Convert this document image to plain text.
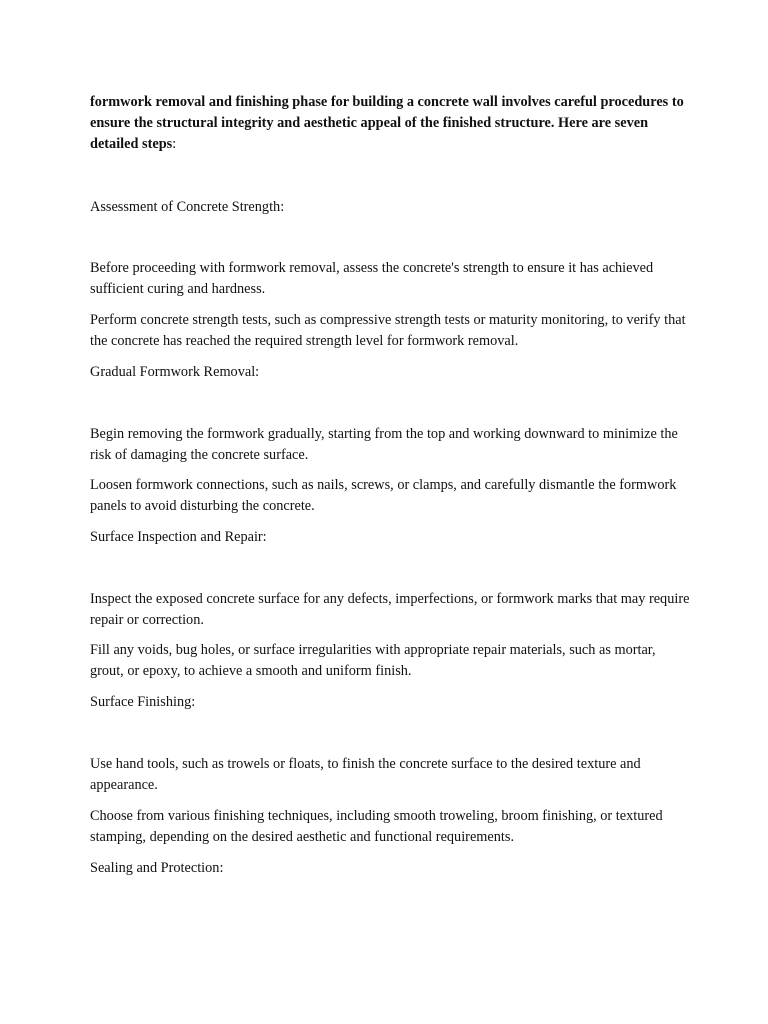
formwork removal and finishing phase for building a concrete wall involves careful procedures to ensure the structural integrity and aesthetic appeal of the finished structure. Here are seven detailed steps:

Assessment of Concrete Strength:

Before proceeding with formwork removal, assess the concrete's strength to ensure it has achieved sufficient curing and hardness.

Perform concrete strength tests, such as compressive strength tests or maturity monitoring, to verify that the concrete has reached the required strength level for formwork removal.

Gradual Formwork Removal:

Begin removing the formwork gradually, starting from the top and working downward to minimize the risk of damaging the concrete surface.

Loosen formwork connections, such as nails, screws, or clamps, and carefully dismantle the formwork panels to avoid disturbing the concrete.

Surface Inspection and Repair:

Inspect the exposed concrete surface for any defects, imperfections, or formwork marks that may require repair or correction.

Fill any voids, bug holes, or surface irregularities with appropriate repair materials, such as mortar, grout, or epoxy, to achieve a smooth and uniform finish.

Surface Finishing:

Use hand tools, such as trowels or floats, to finish the concrete surface to the desired texture and appearance.

Choose from various finishing techniques, including smooth troweling, broom finishing, or textured stamping, depending on the desired aesthetic and functional requirements.

Sealing and Protection:
